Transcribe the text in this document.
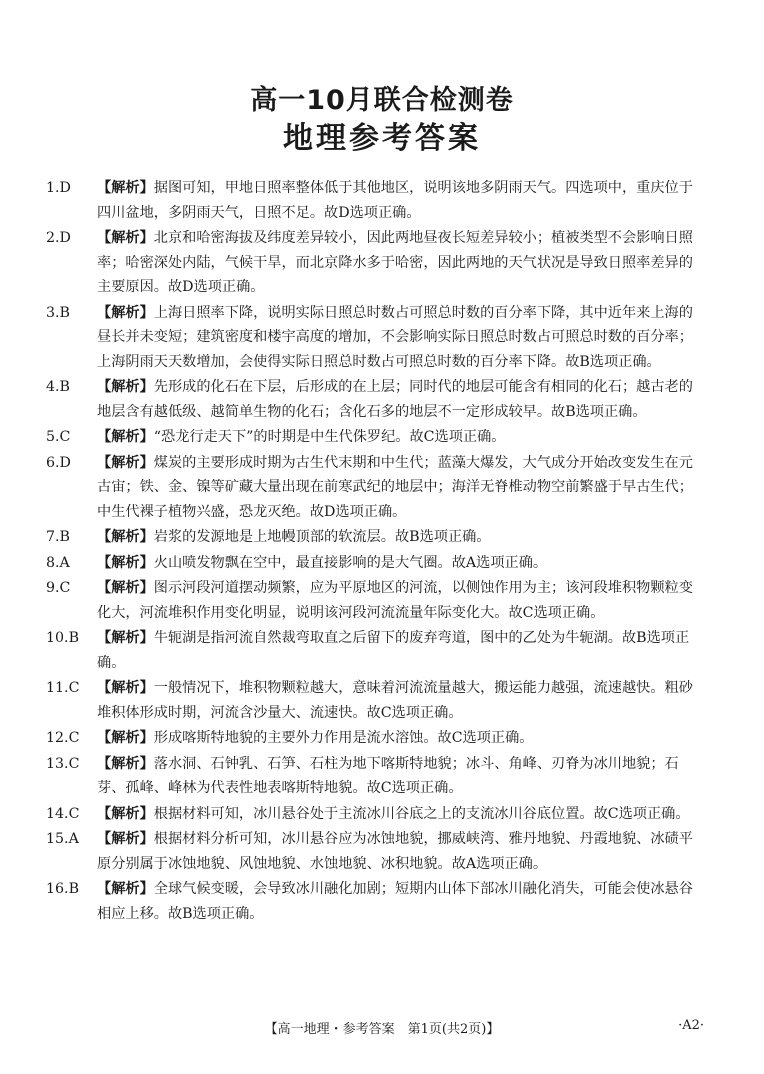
高一10月联合检测卷
地理参考答案
1.D 【解析】据图可知，甲地日照率整体低于其他地区，说明该地多阴雨天气。四选项中，重庆位于四川盆地，多阴雨天气，日照不足。故D选项正确。
2.D 【解析】北京和哈密海拔及纬度差异较小，因此两地昼夜长短差异较小；植被类型不会影响日照率；哈密深处内陆，气候干旱，而北京降水多于哈密，因此两地的天气状况是导致日照率差异的主要原因。故D选项正确。
3.B 【解析】上海日照率下降，说明实际日照总时数占可照总时数的百分率下降，其中近年来上海的昼长并未变短；建筑密度和楼宇高度的增加，不会影响实际日照总时数占可照总时数的百分率；上海阴雨天天数增加，会使得实际日照总时数占可照总时数的百分率下降。故B选项正确。
4.B 【解析】先形成的化石在下层，后形成的在上层；同时代的地层可能含有相同的化石；越古老的地层含有越低级、越简单生物的化石；含化石多的地层不一定形成较早。故B选项正确。
5.C 【解析】“恐龙行走天下”的时期是中生代侏罗纪。故C选项正确。
6.D 【解析】煤炭的主要形成时期为古生代末期和中生代；蓝藻大爆发，大气成分开始改变发生在元古宙；铁、金、镍等矿藏大量出现在前寒武纪的地层中；海洋无脊椎动物空前繁盛于早古生代；中生代裸子植物兴盛，恐龙灭绝。故D选项正确。
7.B 【解析】岩浆的发源地是上地幔顶部的软流层。故B选项正确。
8.A 【解析】火山喷发物飘在空中，最直接影响的是大气圈。故A选项正确。
9.C 【解析】图示河段河道摆动频繁，应为平原地区的河流，以侧蚀作用为主；该河段堆积物颗粒变化大，河流堆积作用变化明显，说明该河段河流流量年际变化大。故C选项正确。
10.B 【解析】牛轭湖是指河流自然裁弯取直之后留下的废弃弯道，图中的乙处为牛轭湖。故B选项正确。
11.C 【解析】一般情况下，堆积物颗粒越大，意味着河流流量越大，搬运能力越强，流速越快。粗砂堆积体形成时期，河流含沙量大、流速快。故C选项正确。
12.C 【解析】形成喀斯特地貌的主要外力作用是流水溶蚀。故C选项正确。
13.C 【解析】落水洞、石钟乳、石笋、石柱为地下喀斯特地貌；冰斗、角峰、刃脊为冰川地貌；石芽、孤峰、峰林为代表性地表喀斯特地貌。故C选项正确。
14.C 【解析】根据材料可知，冰川悬谷处于主流冰川谷底之上的支流冰川谷底位置。故C选项正确。
15.A 【解析】根据材料分析可知，冰川悬谷应为冰蚀地貌，挪威峡湾、雅丹地貌、丹霞地貌、冰碛平原分别属于冰蚀地貌、风蚀地貌、水蚀地貌、冰积地貌。故A选项正确。
16.B 【解析】全球气候变暖，会导致冰川融化加剧；短期内山体下部冰川融化消失，可能会使冰悬谷相应上移。故B选项正确。
【高一地理・参考答案　第1页(共2页)】	·A2·
